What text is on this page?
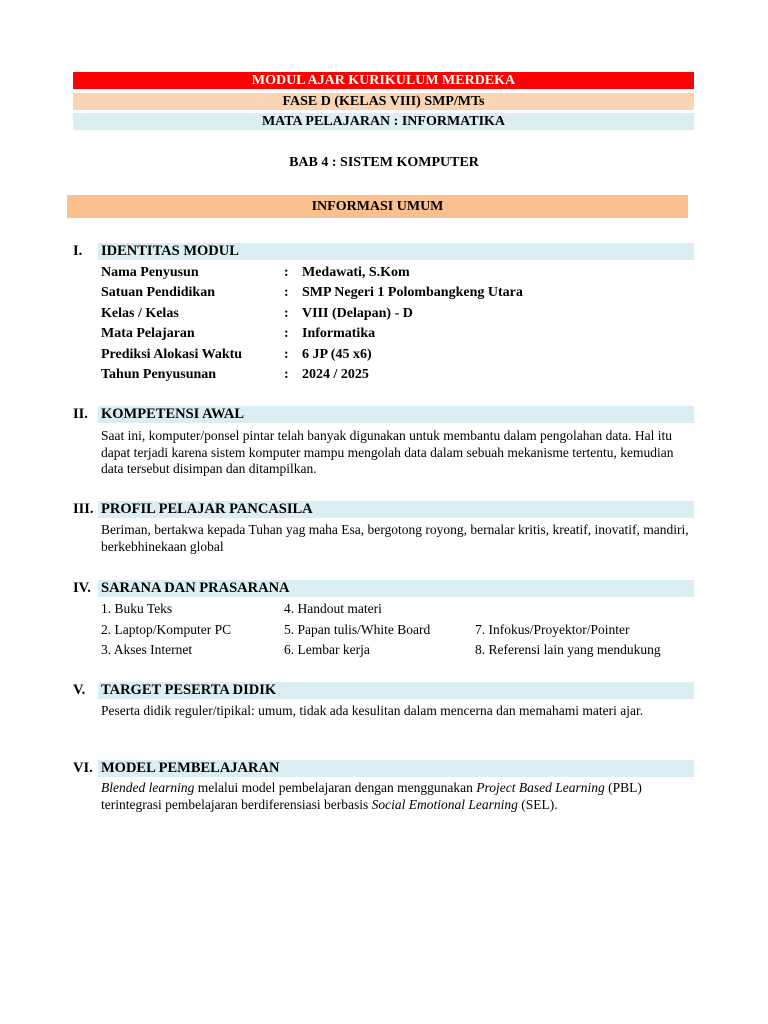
MODUL AJAR KURIKULUM MERDEKA
FASE D (KELAS VIII) SMP/MTs
MATA PELAJARAN : INFORMATIKA
BAB 4 : SISTEM KOMPUTER
INFORMASI UMUM
I. IDENTITAS MODUL
Nama Penyusun	: Medawati, S.Kom
Satuan Pendidikan	: SMP Negeri 1 Polombangkeng Utara
Kelas / Kelas	: VIII (Delapan) - D
Mata Pelajaran	: Informatika
Prediksi Alokasi Waktu	: 6 JP (45 x6)
Tahun Penyusunan	: 2024 / 2025
II. KOMPETENSI AWAL
Saat ini, komputer/ponsel pintar telah banyak digunakan untuk membantu dalam pengolahan data. Hal itu dapat terjadi karena sistem komputer mampu mengolah data dalam sebuah mekanisme tertentu, kemudian data tersebut disimpan dan ditampilkan.
III. PROFIL PELAJAR PANCASILA
Beriman, bertakwa kepada Tuhan yag maha Esa, bergotong royong, bernalar kritis, kreatif, inovatif, mandiri, berkebhinekaan global
IV. SARANA DAN PRASARANA
1. Buku Teks
2. Laptop/Komputer PC
3. Akses Internet
4. Handout materi
5. Papan tulis/White Board
6. Lembar kerja
7. Infokus/Proyektor/Pointer
8. Referensi lain yang mendukung
V. TARGET PESERTA DIDIK
Peserta didik reguler/tipikal: umum, tidak ada kesulitan dalam mencerna dan memahami materi ajar.
VI. MODEL PEMBELAJARAN
Blended learning melalui model pembelajaran dengan menggunakan Project Based Learning (PBL) terintegrasi pembelajaran berdiferensiasi berbasis Social Emotional Learning (SEL).
